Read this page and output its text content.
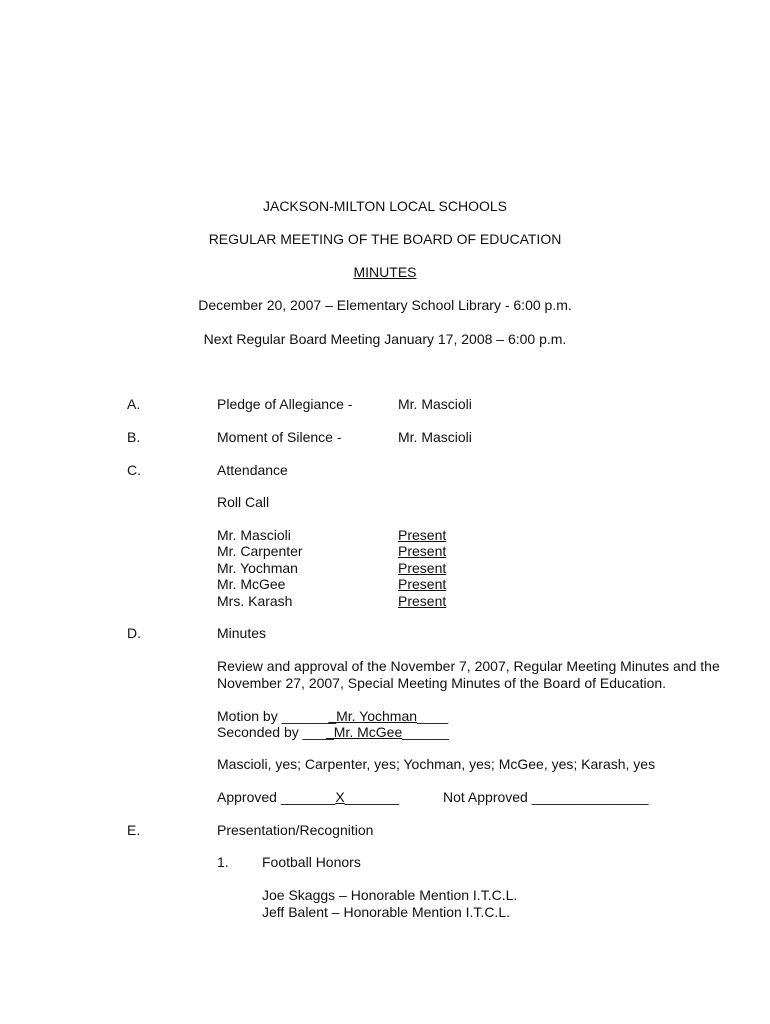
JACKSON-MILTON LOCAL SCHOOLS
REGULAR MEETING OF THE BOARD OF EDUCATION
MINUTES
December 20, 2007 – Elementary School Library - 6:00 p.m.
Next Regular Board Meeting January 17, 2008 – 6:00 p.m.
A.	Pledge of Allegiance -	Mr. Mascioli
B.	Moment of Silence -	Mr. Mascioli
C.	Attendance
Roll Call
Mr. Mascioli	Present
Mr. Carpenter	Present
Mr. Yochman	Present
Mr. McGee	Present
Mrs. Karash	Present
D.	Minutes
Review and approval of the November 7, 2007, Regular Meeting Minutes and the
November 27, 2007, Special Meeting Minutes of the Board of Education.
Motion by _______Mr. Yochman____
Seconded by ____Mr. McGee______
Mascioli, yes; Carpenter, yes; Yochman, yes; McGee, yes; Karash, yes
Approved _______X_______	Not Approved _______________
E.	Presentation/Recognition
1. Football Honors
Joe Skaggs – Honorable Mention I.T.C.L.
Jeff Balent – Honorable Mention I.T.C.L.
